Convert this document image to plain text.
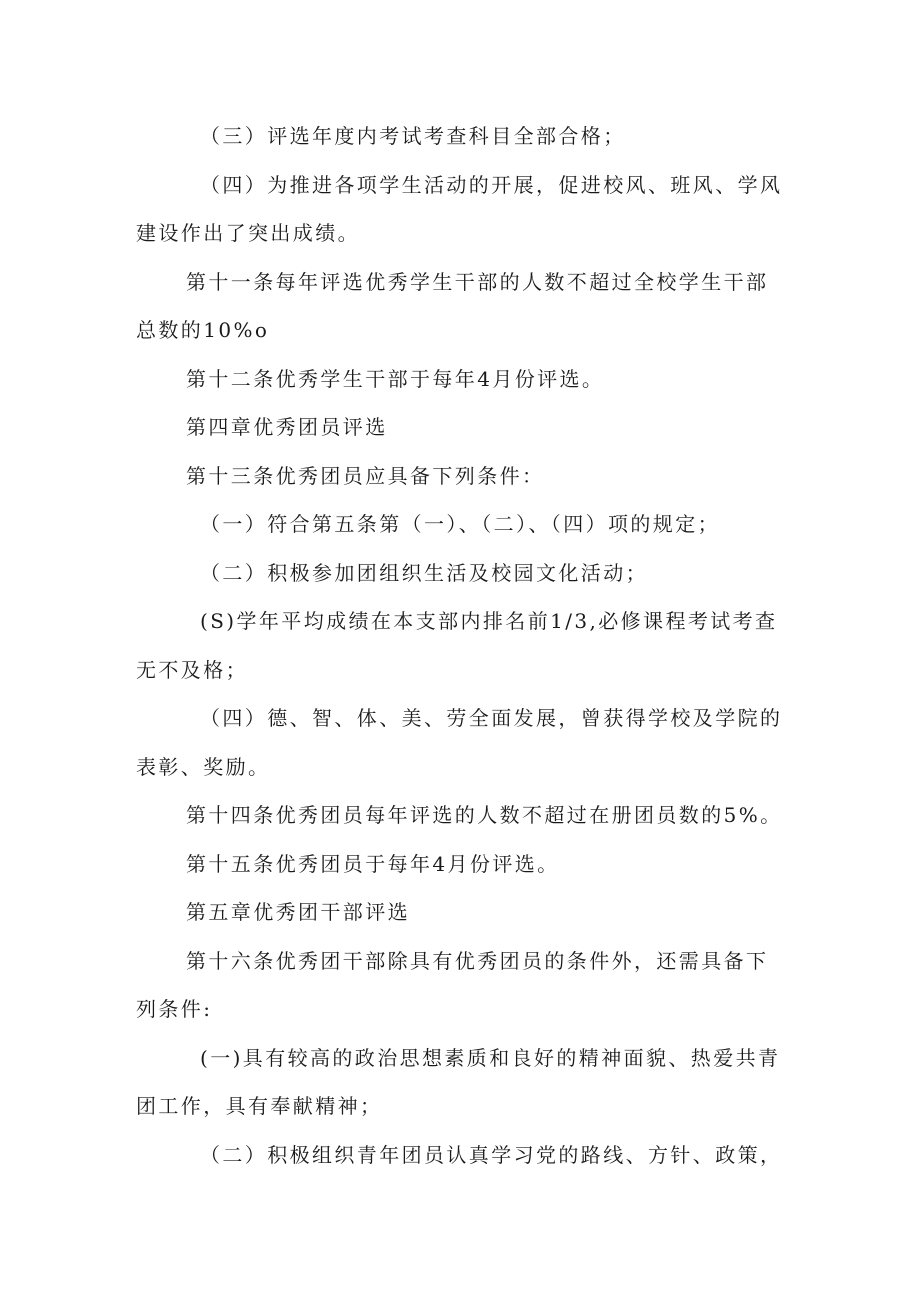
（三）评选年度内考试考查科目全部合格；

（四）为推进各项学生活动的开展，促进校风、班风、学风建设作出了突出成绩。

第十一条每年评选优秀学生干部的人数不超过全校学生干部总数的10%o

第十二条优秀学生干部于每年4月份评选。

第四章优秀团员评选

第十三条优秀团员应具备下列条件：

（一）符合第五条第（一）、（二）、（四）项的规定；

（二）积极参加团组织生活及校园文化活动；

(S)学年平均成绩在本支部内排名前1/3,必修课程考试考查无不及格；

（四）德、智、体、美、劳全面发展，曾获得学校及学院的表彰、奖励。

第十四条优秀团员每年评选的人数不超过在册团员数的5%。

第十五条优秀团员于每年4月份评选。

第五章优秀团干部评选

第十六条优秀团干部除具有优秀团员的条件外，还需具备下列条件:

(一)具有较高的政治思想素质和良好的精神面貌、热爱共青团工作，具有奉献精神；

（二）积极组织青年团员认真学习党的路线、方针、政策，
